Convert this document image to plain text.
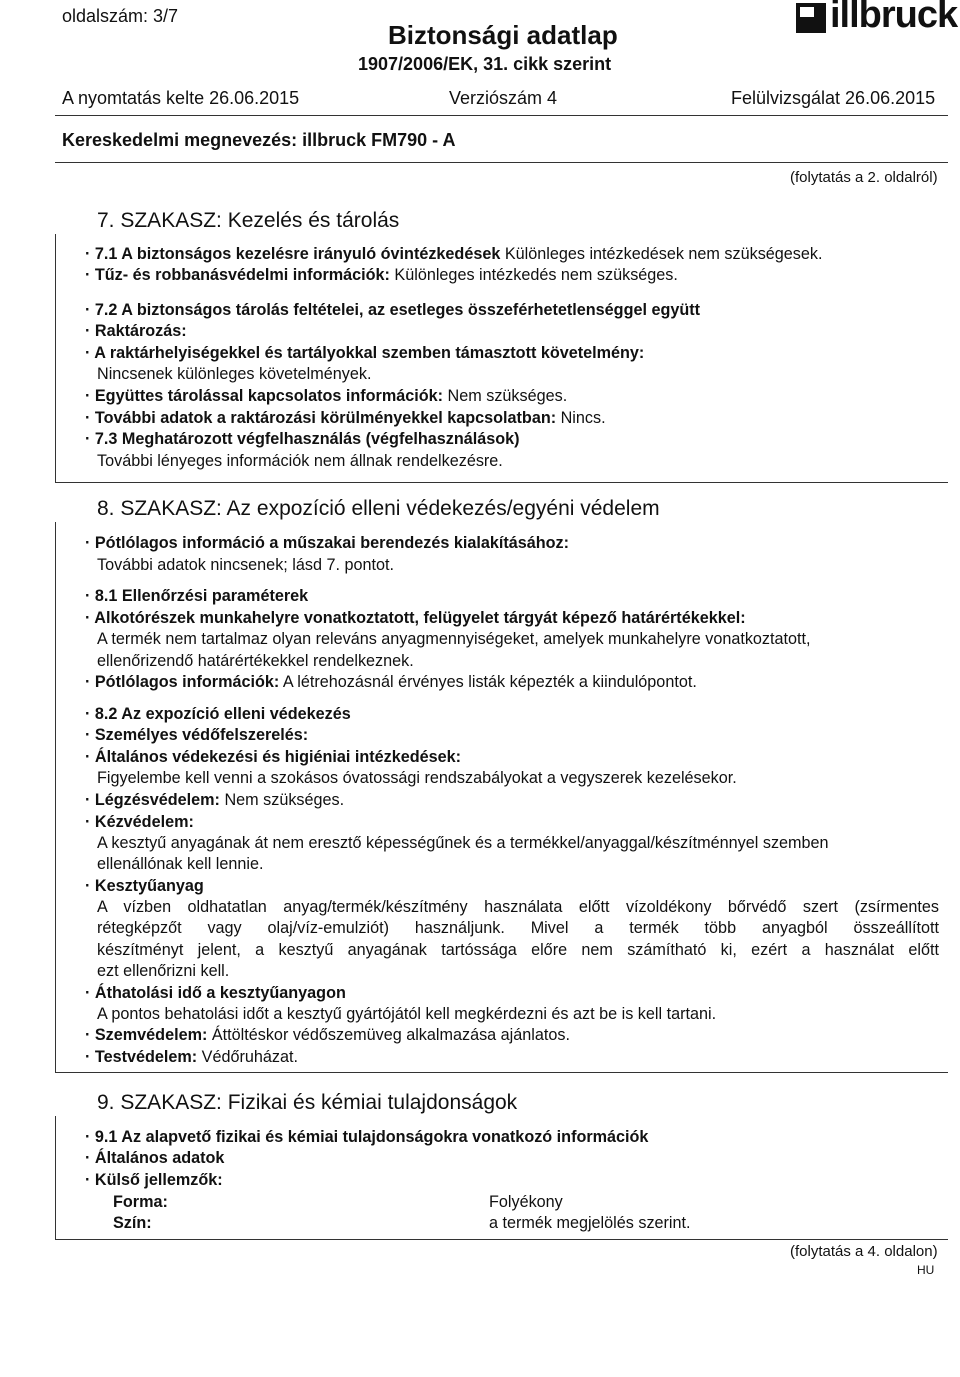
oldalszám: 3/7
Biztonsági adatlap
1907/2006/EK, 31. cikk szerint
illbruck
A nyomtatás kelte 26.06.2015	Verziószám 4	Felülvizsgálat 26.06.2015
Kereskedelmi megnevezés: illbruck FM790 - A
(folytatás a 2. oldalról)
7. SZAKASZ: Kezelés és tárolás
· 7.1 A biztonságos kezelésre irányuló óvintézkedések Különleges intézkedések nem szükségesek.
· Tűz- és robbanásvédelmi információk: Különleges intézkedés nem szükséges.
· 7.2 A biztonságos tárolás feltételei, az esetleges összeférhetetlenséggel együtt
· Raktározás:
· A raktárhelyiségekkel és tartályokkal szemben támasztott követelmény:
Nincsenek különleges követelmények.
· Együttes tárolással kapcsolatos információk: Nem szükséges.
· További adatok a raktározási körülményekkel kapcsolatban: Nincs.
· 7.3 Meghatározott végfelhasználás (végfelhasználások)
További lényeges információk nem állnak rendelkezésre.
8. SZAKASZ: Az expozíció elleni védekezés/egyéni védelem
· Pótlólagos információ a műszakai berendezés kialakításához:
További adatok nincsenek; lásd 7. pontot.
· 8.1 Ellenőrzési paraméterek
· Alkotórészek munkahelyre vonatkoztatott, felügyelet tárgyát képező határértékekkel:
A termék nem tartalmaz olyan releváns anyagmennyiségeket, amelyek munkahelyre vonatkoztatott,
ellenőrizendő határértékekkel rendelkeznek.
· Pótlólagos információk: A létrehozásnál érvényes listák képezték a kiindulópontot.
· 8.2 Az expozíció elleni védekezés
· Személyes védőfelszerelés:
· Általános védekezési és higiéniai intézkedések:
Figyelembe kell venni a szokásos óvatossági rendszabályokat a vegyszerek kezelésekor.
· Légzésvédelem: Nem szükséges.
· Kézvédelem:
A kesztyű anyagának át nem eresztő képességűnek és a termékkel/anyaggal/készítménnyel szemben
ellenállónak kell lennie.
· Kesztyűanyag
A vízben oldhatatlan anyag/termék/készítmény használata előtt vízoldékony bőrvédő szert (zsírmentes
rétegképzőt vagy olaj/víz-emulziót) használjunk. Mivel a termék több anyagból összeállított
készítményt jelent, a kesztyű anyagának tartóssága előre nem számítható ki, ezért a használat előtt
ezt ellenőrizni kell.
· Áthatolási idő a kesztyűanyagon
A pontos behatolási időt a kesztyű gyártójától kell megkérdezni és azt be is kell tartani.
· Szemvédelem: Áttöltéskor védőszemüveg alkalmazása ajánlatos.
· Testvédelem: Védőruházat.
9. SZAKASZ: Fizikai és kémiai tulajdonságok
· 9.1 Az alapvető fizikai és kémiai tulajdonságokra vonatkozó információk
· Általános adatok
· Külső jellemzők:
Forma:	Folyékony
Szín:	a termék megjelölés szerint.
(folytatás a 4. oldalon)
HU
